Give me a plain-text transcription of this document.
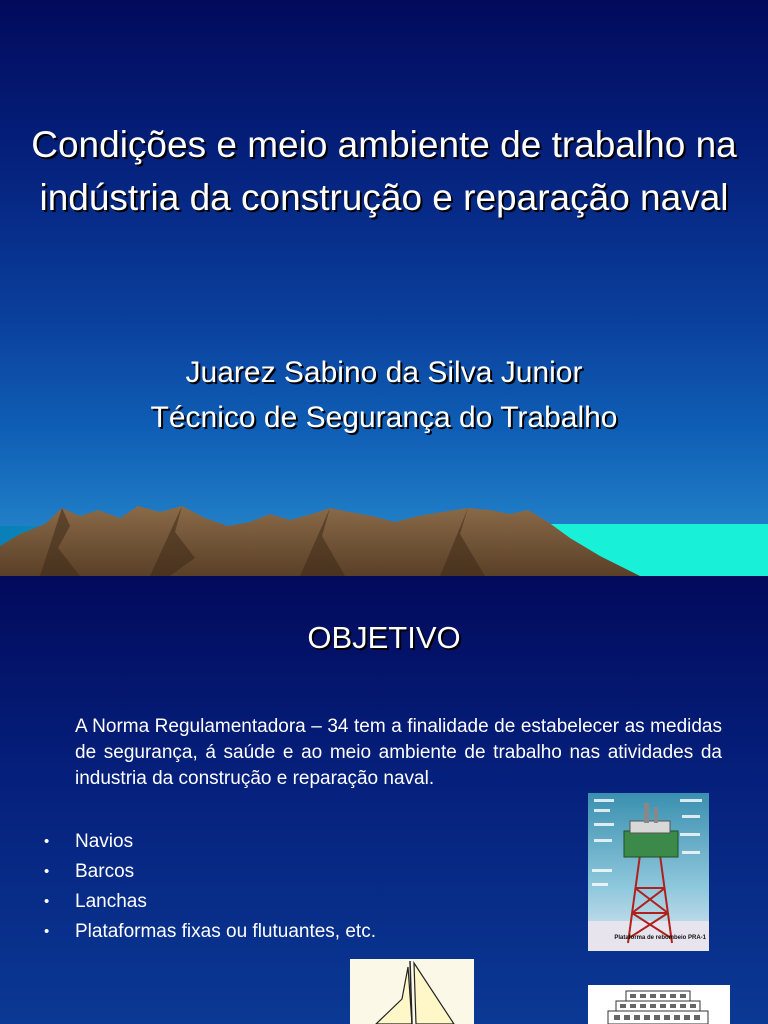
Condições e meio ambiente de trabalho na indústria da construção e reparação naval
Juarez Sabino da Silva Junior
Técnico de Segurança do Trabalho
OBJETIVO
A Norma Regulamentadora – 34 tem a finalidade de estabelecer as medidas de segurança, á saúde e ao meio ambiente de trabalho nas atividades da industria da construção e reparação naval.
•	Navios
•	Barcos
•	Lanchas
•	Plataformas fixas ou flutuantes, etc.	Plataforma de rebombeio PRA-1
